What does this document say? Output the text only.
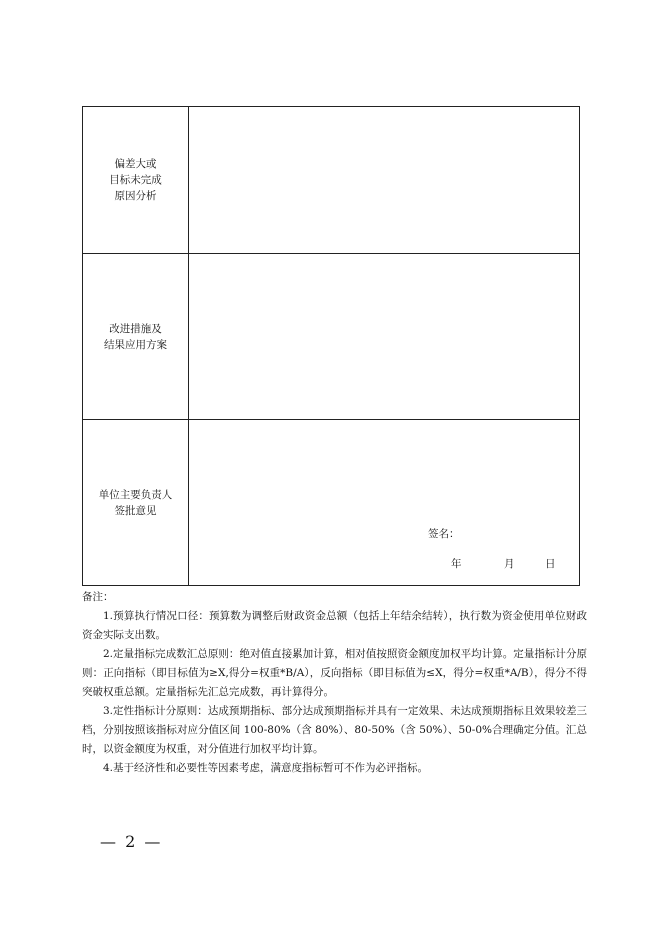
偏差大或
目标未完成
原因分析	

改进措施及
结果应用方案	

单位主要负责人
签批意见	签名：
年 月 日

备注：

1.预算执行情况口径：预算数为调整后财政资金总额（包括上年结余结转），执行数为资金使用单位财政资金实际支出数。

2.定量指标完成数汇总原则：绝对值直接累加计算，相对值按照资金额度加权平均计算。定量指标计分原则：正向指标（即目标值为≥X,得分=权重*B/A），反向指标（即目标值为≤X，得分=权重*A/B），得分不得突破权重总额。定量指标先汇总完成数，再计算得分。

3.定性指标计分原则：达成预期指标、部分达成预期指标并具有一定效果、未达成预期指标且效果较差三档，分别按照该指标对应分值区间 100-80%（含 80%）、80-50%（含 50%）、50-0%合理确定分值。汇总时，以资金额度为权重，对分值进行加权平均计算。

4.基于经济性和必要性等因素考虑，满意度指标暂可不作为必评指标。

— 2 —
